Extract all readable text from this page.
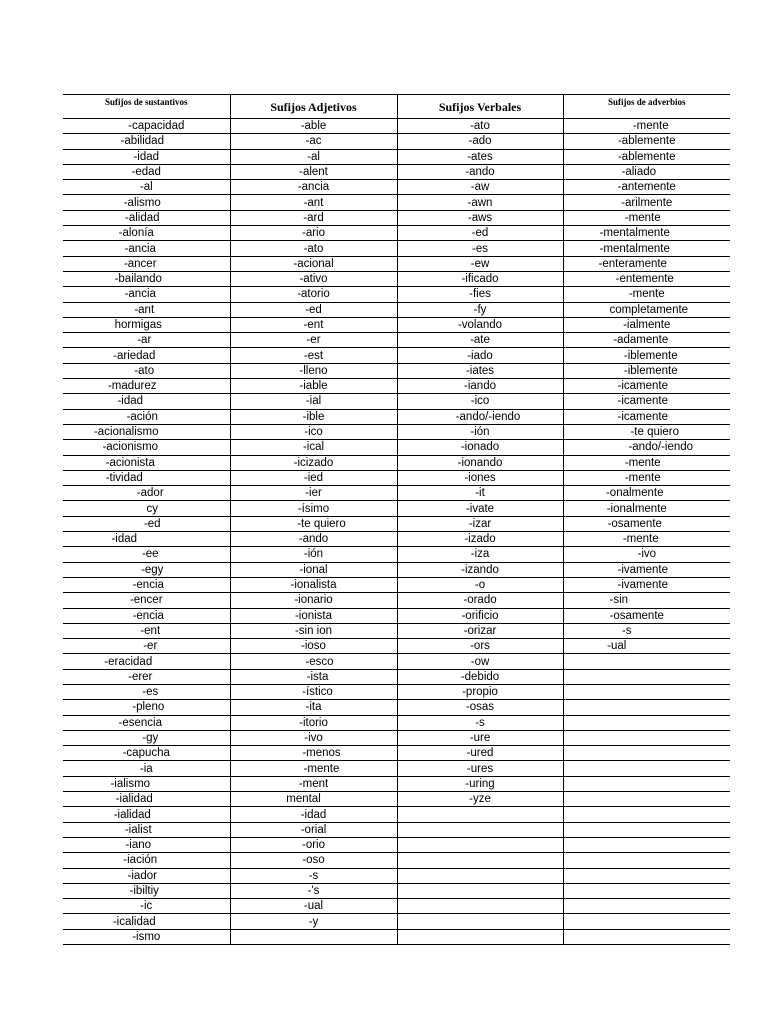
Sufijos de sustantivos	Sufijos Adjetivos	Sufijos Verbales	Sufijos de adverbios
-capacidad	-able	-ato	-mente
-abilidad	-ac	-ado	-ablemente
-idad	-al	-ates	-ablemente
-edad	-alent	-ando	-aliado
-al	-ancia	-aw	-antemente
-alismo	-ant	-awn	-arilmente
-alidad	-ard	-aws	-mente
-alonía	-ario	-ed	-mentalmente
-ancia	-ato	-es	-mentalmente
-ancer	-acional	-ew	-enteramente
-bailando	-ativo	-ificado	-entemente
-ancia	-atorio	-fies	-mente
-ant	-ed	-fy	completamente
hormigas	-ent	-volando	-ialmente
-ar	-er	-ate	-adamente
-ariedad	-est	-iado	-iblemente
-ato	-lleno	-iates	-iblemente
-madurez	-iable	-iando	-icamente
-idad	-ial	-ico	-icamente
-ación	-ible	-ando/-iendo	-icamente
-acionalismo	-ico	-ión	-te quiero
-acionismo	-ical	-ionado	-ando/-iendo
-acionista	-icizado	-ionando	-mente
-tividad	-ied	-iones	-mente
-ador	-ier	-it	-onalmente
cy	-ísimo	-ivate	-ionalmente
-ed	-te quiero	-izar	-osamente
-idad	-ando	-izado	-mente
-ee	-ión	-iza	-ivo
-egy	-ional	-izando	-ivamente
-encia	-ionalista	-o	-ivamente
-encer	-ionario	-orado	-sin
-encia	-ionista	-orificio	-osamente
-ent	-sin ion	-orizar	-s
-er	-ioso	-ors	-ual
-eracidad	-esco	-ow	
-erer	-ista	-debido	
-es	-ístico	-propio	
-pleno	-ita	-osas	
-esencia	-itorio	-s	
-gy	-ivo	-ure	
-capucha	-menos	-ured	
-ia	-mente	-ures	
-ialismo	-ment	-uring	
-ialidad	mental	-yze	
-ialidad	-idad		
-ialist	-orial		
-iano	-orio		
-iación	-oso		
-iador	-s		
-ibiltiy	-'s		
-ic	-ual		
-icalidad	-y		
-ismo			
